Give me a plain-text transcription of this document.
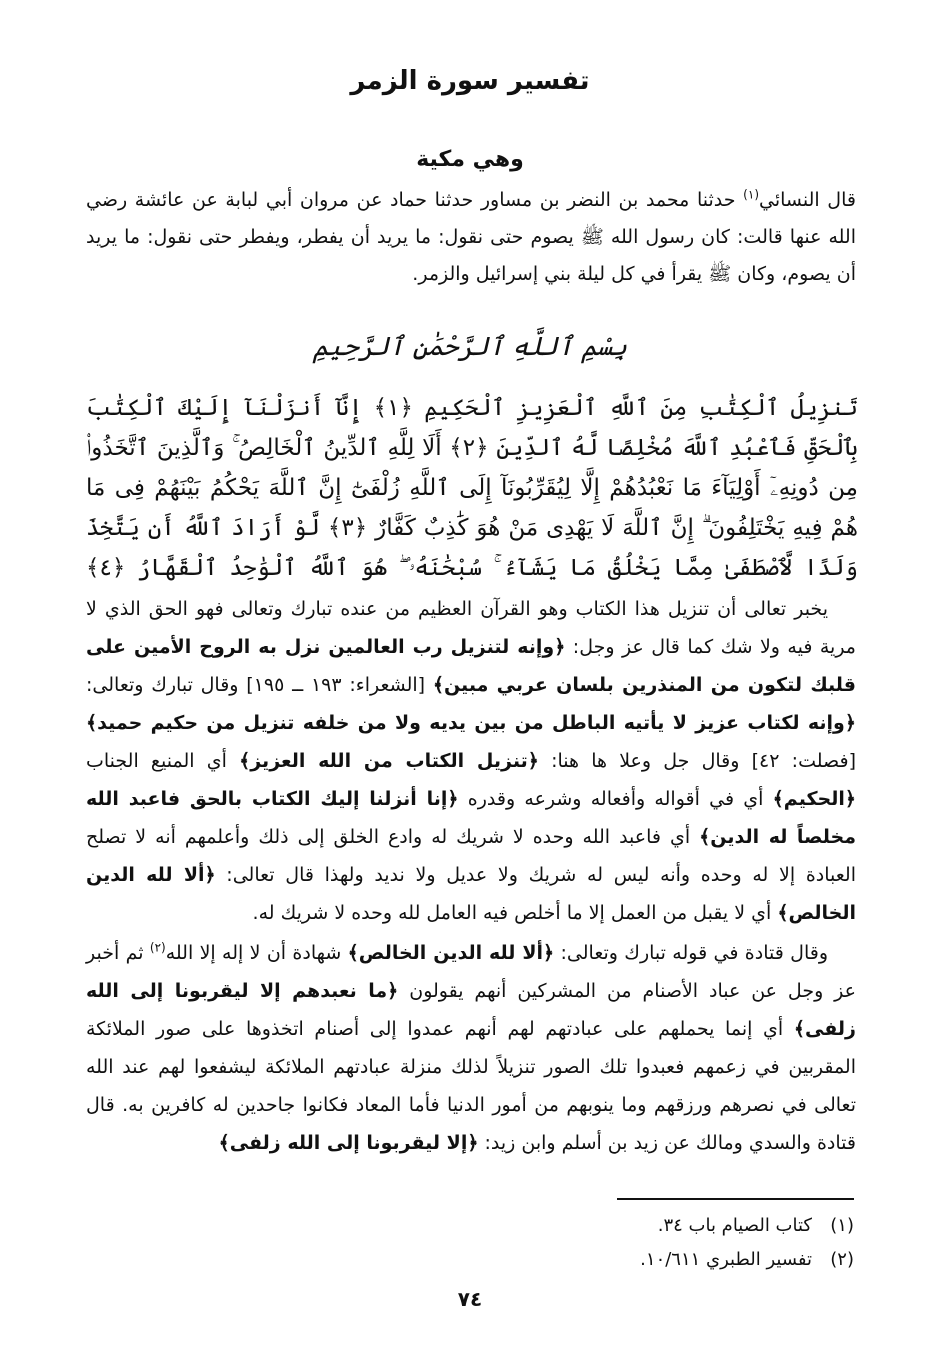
تفسير سورة الزمر
وهي مكية
قال النسائي$^{(١)}$ حدثنا محمد بن النضر بن مساور حدثنا حماد عن مروان أبي لبابة عن عائشة رضي الله عنها قالت: كان رسول الله ﷺ يصوم حتى نقول: ما يريد أن يفطر، ويفطر حتى نقول: ما يريد أن يصوم، وكان ﷺ يقرأ في كل ليلة بني إسرائيل والزمر.
بِسْمِ ٱللَّهِ ٱلرَّحْمَٰنِ ٱلرَّحِيمِ
تَنزِيلُ ٱلْكِتَٰبِ مِنَ ٱللَّهِ ٱلْعَزِيزِ ٱلْحَكِيمِ ﴿١﴾ إِنَّآ أَنزَلْنَآ إِلَيْكَ ٱلْكِتَٰبَ بِٱلْحَقِّ فَٱعْبُدِ ٱللَّهَ مُخْلِصًا لَّهُ ٱلدِّينَ ﴿٢﴾ أَلَا لِلَّهِ ٱلدِّينُ ٱلْخَالِصُ ۚ وَٱلَّذِينَ ٱتَّخَذُوا۟ مِن دُونِهِۦٓ أَوْلِيَآءَ مَا نَعْبُدُهُمْ إِلَّا لِيُقَرِّبُونَآ إِلَى ٱللَّهِ زُلْفَىٰٓ إِنَّ ٱللَّهَ يَحْكُمُ بَيْنَهُمْ فِى مَا هُمْ فِيهِ يَخْتَلِفُونَ ۗ إِنَّ ٱللَّهَ لَا يَهْدِى مَنْ هُوَ كَٰذِبٌ كَفَّارٌ ﴿٣﴾ لَّوْ أَرَادَ ٱللَّهُ أَن يَتَّخِذَ وَلَدًا لَّٱصْطَفَىٰ مِمَّا يَخْلُقُ مَا يَشَآءُ ۚ سُبْحَٰنَهُۥ ۖ هُوَ ٱللَّهُ ٱلْوَٰحِدُ ٱلْقَهَّارُ ﴿٤﴾

يخبر تعالى أن تنزيل هذا الكتاب وهو القرآن العظيم من عنده تبارك وتعالى فهو الحق الذي لا مرية فيه ولا شك كما قال عز وجل: ﴿وإنه لتنزيل رب العالمين نزل به الروح الأمين على قلبك لتكون من المنذرين بلسان عربي مبين﴾ [الشعراء: ١٩٣ ــ ١٩٥] وقال تبارك وتعالى: ﴿وإنه لكتاب عزيز لا يأتيه الباطل من بين يديه ولا من خلفه تنزيل من حكيم حميد﴾ [فصلت: ٤٢] وقال جل وعلا ها هنا: ﴿تنزيل الكتاب من الله العزيز﴾ أي المنيع الجناب ﴿الحكيم﴾ أي في أقواله وأفعاله وشرعه وقدره ﴿إنا أنزلنا إليك الكتاب بالحق فاعبد الله مخلصاً له الدين﴾ أي فاعبد الله وحده لا شريك له وادع الخلق إلى ذلك وأعلمهم أنه لا تصلح العبادة إلا له وحده وأنه ليس له شريك ولا عديل ولا نديد ولهذا قال تعالى: ﴿ألا لله الدين الخالص﴾ أي لا يقبل من العمل إلا ما أخلص فيه العامل لله وحده لا شريك له.

وقال قتادة في قوله تبارك وتعالى: ﴿ألا لله الدين الخالص﴾ شهادة أن لا إله إلا الله$^{(٢)}$ ثم أخبر عز وجل عن عباد الأصنام من المشركين أنهم يقولون ﴿ما نعبدهم إلا ليقربونا إلى الله زلفى﴾ أي إنما يحملهم على عبادتهم لهم أنهم عمدوا إلى أصنام اتخذوها على صور الملائكة المقربين في زعمهم فعبدوا تلك الصور تنزيلاً لذلك منزلة عبادتهم الملائكة ليشفعوا لهم عند الله تعالى في نصرهم ورزقهم وما ينوبهم من أمور الدنيا فأما المعاد فكانوا جاحدين له كافرين به. قال قتادة والسدي ومالك عن زيد بن أسلم وابن زيد: ﴿إلا ليقربونا إلى الله زلفى﴾

(١)كتاب الصيام باب ٣٤.
(٢)تفسير الطبري ١٠/٦١١.
٧٤
